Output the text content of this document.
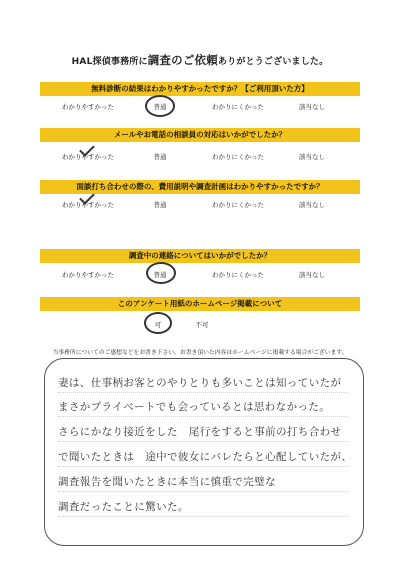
HAL探偵事務所に調査のご依頼ありがとうございました。
無料診断の結果はわかりやすかったですか？【ご利用頂いた方】
わかりやすかった	普通	わかりにくかった	該当なし
メールやお電話の相談員の対応はいかがでしたか？
わかりやすかった	普通	わかりにくかった	該当なし
面談打ち合わせの際の、費用説明や調査計画はわかりやすかったですか？
わかりやすかった	普通	わかりにくかった	該当なし
調査中の連絡についてはいかがでしたか？
わかりやすかった	普通	わかりにくかった	該当なし
このアンケート用紙のホームページ掲載について
可	不可
当事務所についてのご感想などをお書き下さい。お書き頂いた内容はホームページに掲載する場合がございます。
妻は、仕事柄お客とのやりとりも多いことは知っていたが
まさかプライベートでも会っているとは思わなかった。
さらにかなり接近をした　尾行をすると事前の打ち合わせ
で聞いたときは　途中で彼女にバレたらと心配していたが、
調査報告を聞いたときに本当に慎重で完璧な
調査だったことに驚いた。
